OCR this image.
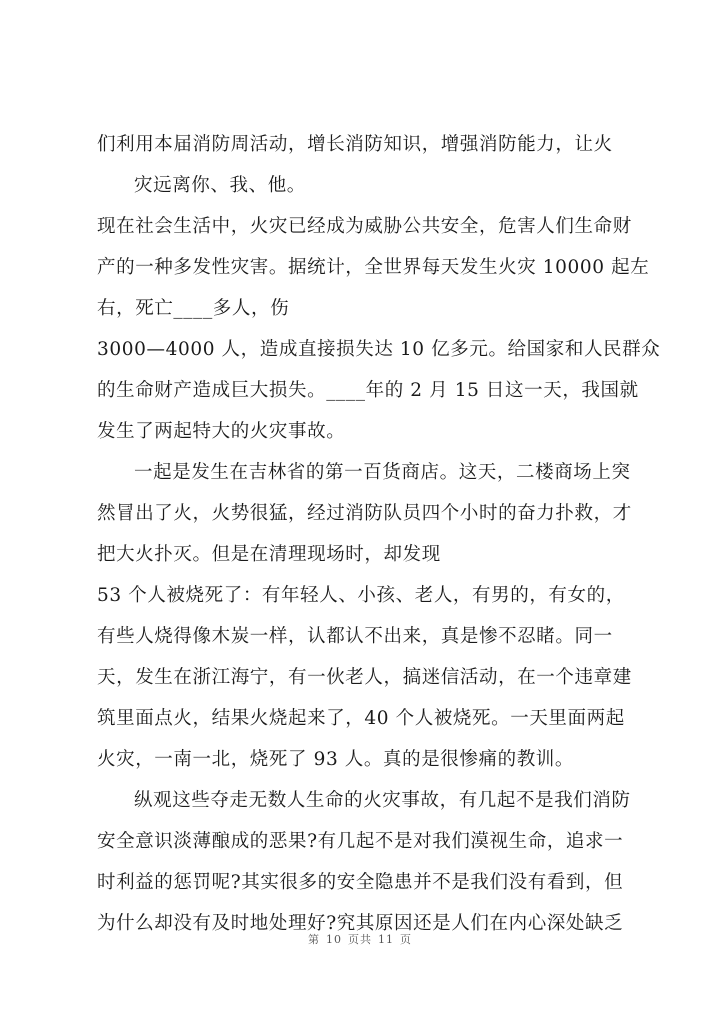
们利用本届消防周活动，增长消防知识，增强消防能力，让火
灾远离你、我、他。
现在社会生活中，火灾已经成为威胁公共安全，危害人们生命财
产的一种多发性灾害。据统计，全世界每天发生火灾 10000 起左
右，死亡____多人，伤
3000—4000 人，造成直接损失达 10 亿多元。给国家和人民群众
的生命财产造成巨大损失。____年的 2 月 15 日这一天，我国就
发生了两起特大的火灾事故。
一起是发生在吉林省的第一百货商店。这天，二楼商场上突
然冒出了火，火势很猛，经过消防队员四个小时的奋力扑救，才
把大火扑灭。但是在清理现场时，却发现
53 个人被烧死了：有年轻人、小孩、老人，有男的，有女的，
有些人烧得像木炭一样，认都认不出来，真是惨不忍睹。同一
天，发生在浙江海宁，有一伙老人，搞迷信活动，在一个违章建
筑里面点火，结果火烧起来了，40 个人被烧死。一天里面两起
火灾，一南一北，烧死了 93 人。真的是很惨痛的教训。
纵观这些夺走无数人生命的火灾事故，有几起不是我们消防
安全意识淡薄酿成的恶果?有几起不是对我们漠视生命，追求一
时利益的惩罚呢?其实很多的安全隐患并不是我们没有看到，但
为什么却没有及时地处理好?究其原因还是人们在内心深处缺乏
第 10 页共 11 页
